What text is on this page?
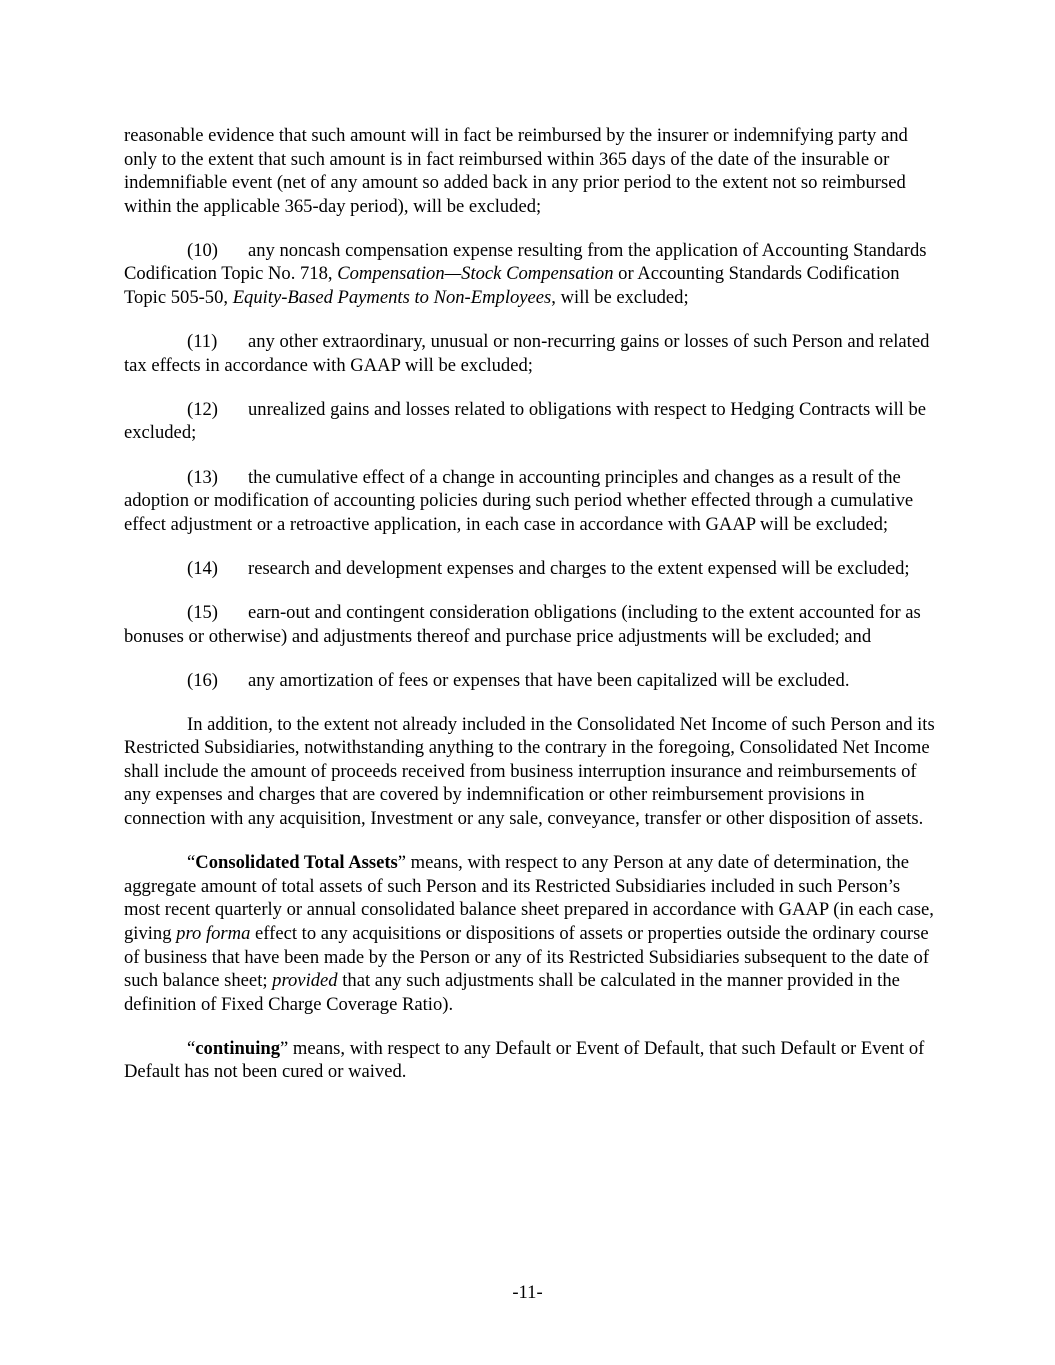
reasonable evidence that such amount will in fact be reimbursed by the insurer or indemnifying party and only to the extent that such amount is in fact reimbursed within 365 days of the date of the insurable or indemnifiable event (net of any amount so added back in any prior period to the extent not so reimbursed within the applicable 365-day period), will be excluded;

(10) any noncash compensation expense resulting from the application of Accounting Standards Codification Topic No. 718, Compensation—Stock Compensation or Accounting Standards Codification Topic 505-50, Equity-Based Payments to Non-Employees, will be excluded;

(11) any other extraordinary, unusual or non-recurring gains or losses of such Person and related tax effects in accordance with GAAP will be excluded;

(12) unrealized gains and losses related to obligations with respect to Hedging Contracts will be excluded;

(13) the cumulative effect of a change in accounting principles and changes as a result of the adoption or modification of accounting policies during such period whether effected through a cumulative effect adjustment or a retroactive application, in each case in accordance with GAAP will be excluded;

(14) research and development expenses and charges to the extent expensed will be excluded;

(15) earn-out and contingent consideration obligations (including to the extent accounted for as bonuses or otherwise) and adjustments thereof and purchase price adjustments will be excluded; and

(16) any amortization of fees or expenses that have been capitalized will be excluded.

In addition, to the extent not already included in the Consolidated Net Income of such Person and its Restricted Subsidiaries, notwithstanding anything to the contrary in the foregoing, Consolidated Net Income shall include the amount of proceeds received from business interruption insurance and reimbursements of any expenses and charges that are covered by indemnification or other reimbursement provisions in connection with any acquisition, Investment or any sale, conveyance, transfer or other disposition of assets.

“Consolidated Total Assets” means, with respect to any Person at any date of determination, the aggregate amount of total assets of such Person and its Restricted Subsidiaries included in such Person’s most recent quarterly or annual consolidated balance sheet prepared in accordance with GAAP (in each case, giving pro forma effect to any acquisitions or dispositions of assets or properties outside the ordinary course of business that have been made by the Person or any of its Restricted Subsidiaries subsequent to the date of such balance sheet; provided that any such adjustments shall be calculated in the manner provided in the definition of Fixed Charge Coverage Ratio).

“continuing” means, with respect to any Default or Event of Default, that such Default or Event of Default has not been cured or waived.

-11-
